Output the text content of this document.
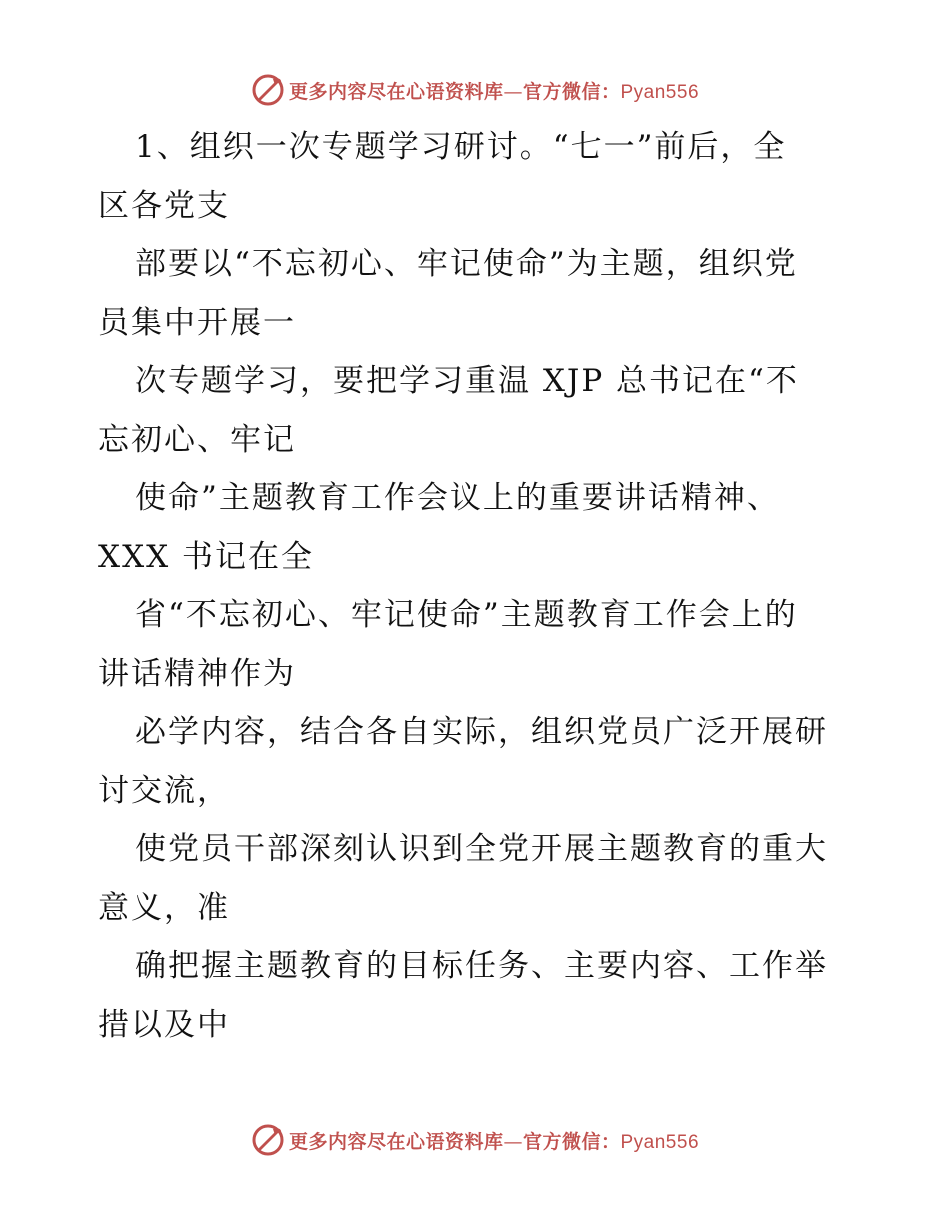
更多内容尽在心语资料库—官方微信：Pyan556
1、组织一次专题学习研讨。“七一”前后，全
区各党支
部要以“不忘初心、牢记使命”为主题，组织党
员集中开展一
次专题学习，要把学习重温 XJP 总书记在“不
忘初心、牢记
使命”主题教育工作会议上的重要讲话精神、
XXX 书记在全
省“不忘初心、牢记使命”主题教育工作会上的
讲话精神作为
必学内容，结合各自实际，组织党员广泛开展研
讨交流，
使党员干部深刻认识到全党开展主题教育的重大
意义，准
确把握主题教育的目标任务、主要内容、工作举
措以及中
更多内容尽在心语资料库—官方微信：Pyan556
